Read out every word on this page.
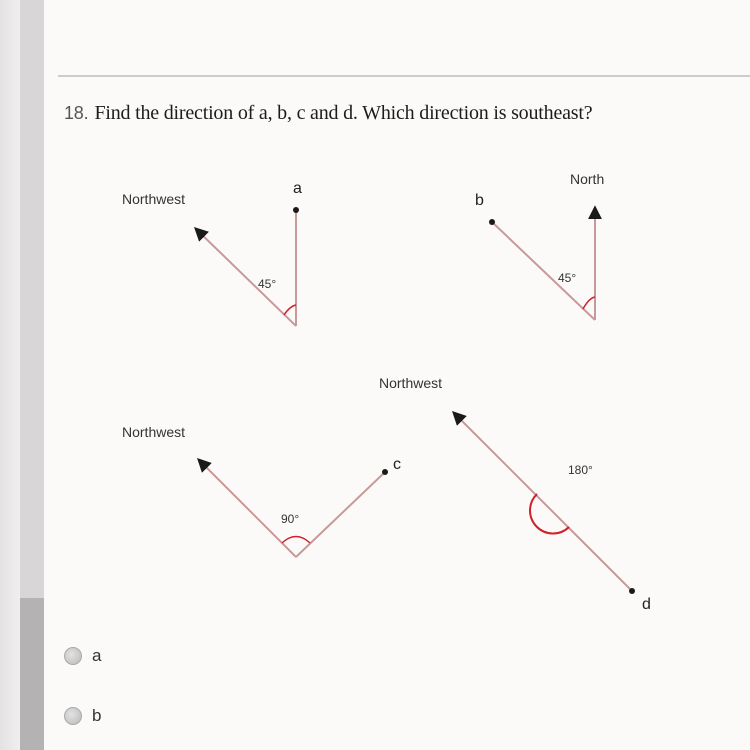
18. Find the direction of a, b, c and d. Which direction is southeast?
45°
Northwest
a
45°
North
b
90°
Northwest
c	180°
Northwest
d
a
b
